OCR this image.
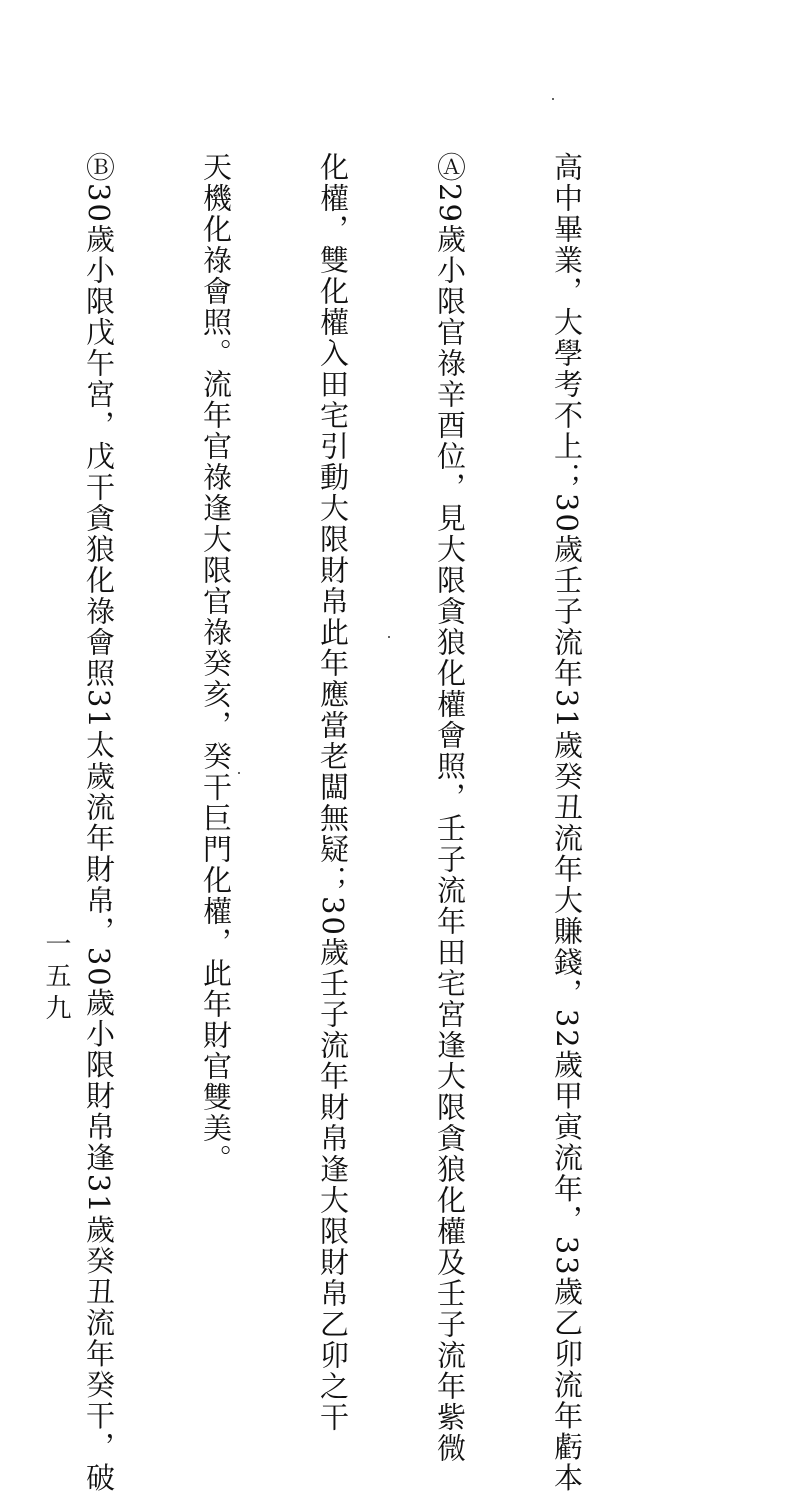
高中畢業，大學考不上；30歲壬子流年31歲癸丑流年大賺錢，32歲甲寅流年，33歲乙卯流年虧本

Ⓐ29歲小限官祿辛酉位，見大限貪狼化權會照，壬子流年田宅宮逢大限貪狼化權及壬子流年紫微

化權，雙化權入田宅引動大限財帛此年應當老闆無疑；30歲壬子流年財帛逢大限財帛乙卯之干

天機化祿會照。流年官祿逢大限官祿癸亥，癸干巨門化權，此年財官雙美。

Ⓑ30歲小限戊午宮，戊干貪狼化祿會照31太歲流年財帛，30歲小限財帛逢31歲癸丑流年癸干，破

一五九
